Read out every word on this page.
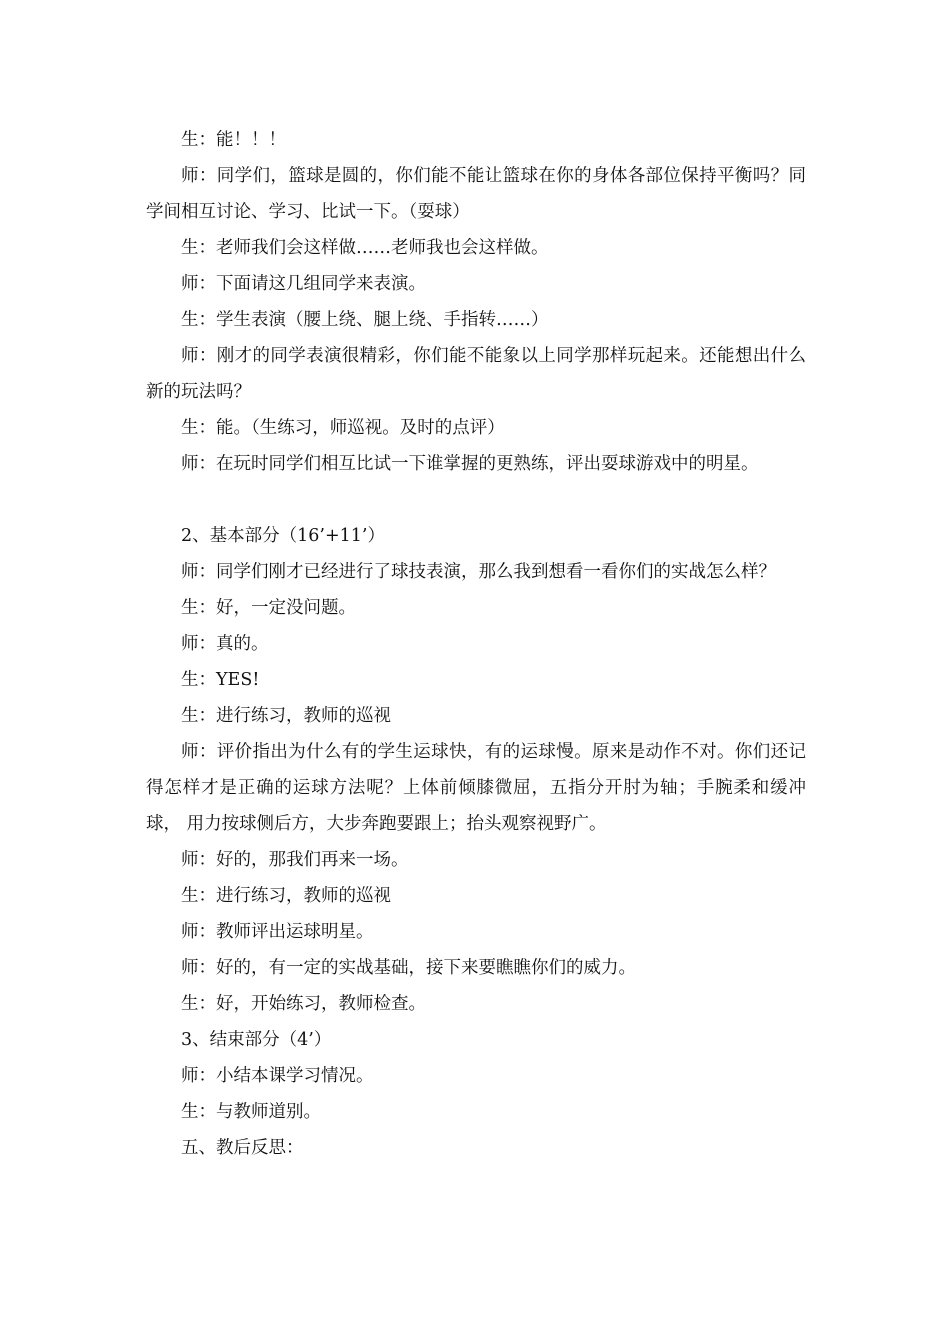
生：能！！！

师：同学们，篮球是圆的，你们能不能让篮球在你的身体各部位保持平衡吗？同学间相互讨论、学习、比试一下。（耍球）

生：老师我们会这样做……老师我也会这样做。

师：下面请这几组同学来表演。

生：学生表演（腰上绕、腿上绕、手指转……）

师：刚才的同学表演很精彩，你们能不能象以上同学那样玩起来。还能想出什么新的玩法吗？

生：能。（生练习，师巡视。及时的点评）

师：在玩时同学们相互比试一下谁掌握的更熟练，评出耍球游戏中的明星。

2、基本部分（16’+11’）

师：同学们刚才已经进行了球技表演，那么我到想看一看你们的实战怎么样？

生：好，一定没问题。

师：真的。

生：YES!

生：进行练习，教师的巡视

师：评价指出为什么有的学生运球快，有的运球慢。原来是动作不对。你们还记得怎样才是正确的运球方法呢？上体前倾膝微屈，五指分开肘为轴；手腕柔和缓冲球， 用力按球侧后方，大步奔跑要跟上；抬头观察视野广。

师：好的，那我们再来一场。

生：进行练习，教师的巡视

师：教师评出运球明星。

师：好的，有一定的实战基础，接下来要瞧瞧你们的威力。

生：好，开始练习，教师检查。

3、结束部分（4’）

师：小结本课学习情况。

生：与教师道别。

五、教后反思：
